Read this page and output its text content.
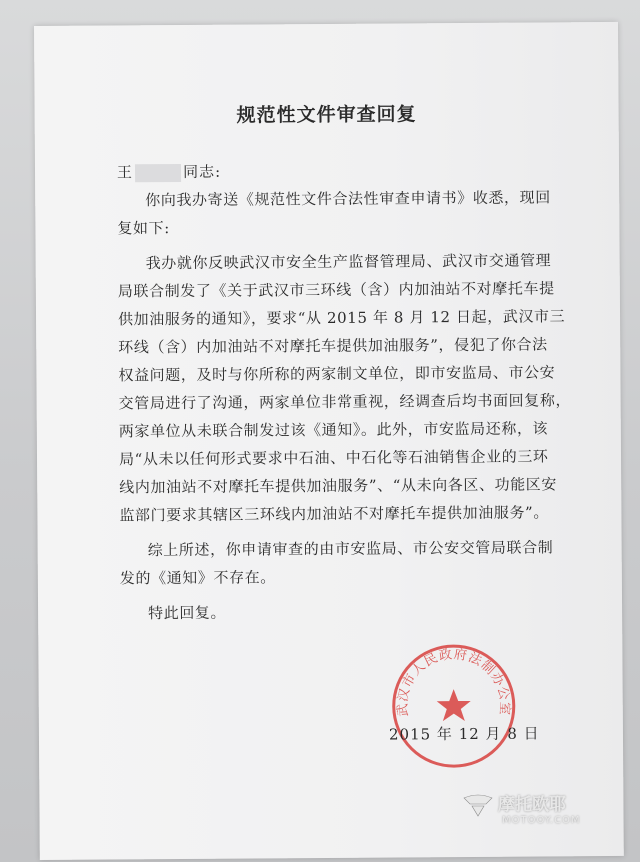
规范性文件审查回复
王	同志:
你向我办寄送《规范性文件合法性审查申请书》收悉，现回
复如下:
我办就你反映武汉市安全生产监督管理局、武汉市交通管理
局联合制发了《关于武汉市三环线（含）内加油站不对摩托车提
供加油服务的通知》，要求“从 2015 年 8 月 12 日起，武汉市三
环线（含）内加油站不对摩托车提供加油服务”，侵犯了你合法
权益问题，及时与你所称的两家制文单位，即市安监局、市公安
交管局进行了沟通，两家单位非常重视，经调查后均书面回复称，
两家单位从未联合制发过该《通知》。此外，市安监局还称，该
局“从未以任何形式要求中石油、中石化等石油销售企业的三环
线内加油站不对摩托车提供加油服务”、“从未向各区、功能区安
监部门要求其辖区三环线内加油站不对摩托车提供加油服务”。
综上所述，你申请审查的由市安监局、市公安交管局联合制
发的《通知》不存在。
特此回复。
武汉市人民政府法制办公室
2015 年 12 月 8 日
摩托欧耶
MOTOOY.COM
